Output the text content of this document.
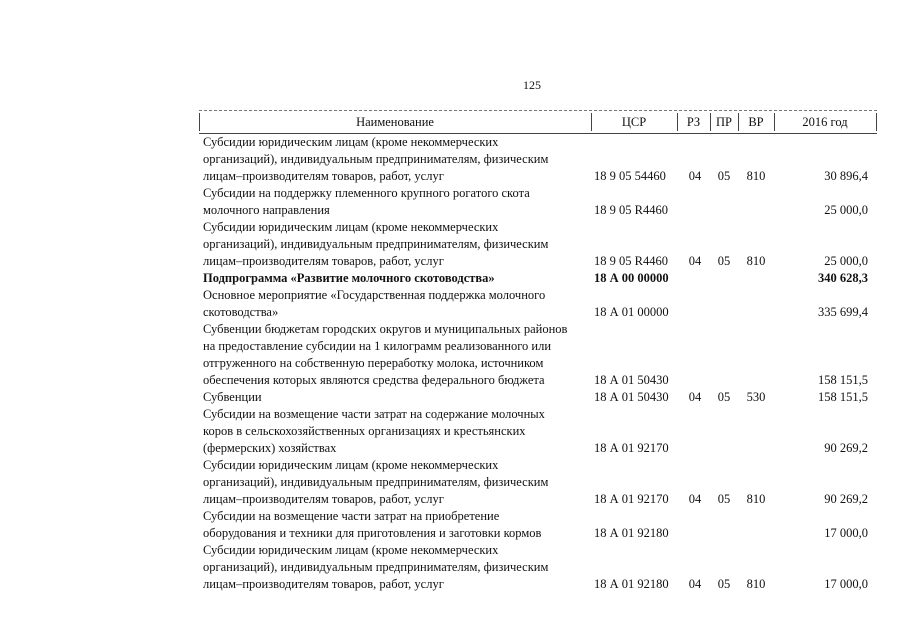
125
Наименование	ЦСР	РЗ	ПР	ВР	2016 год
Субсидии юридическим лицам (кроме некоммерческих
организаций), индивидуальным предпринимателям, физическим
лицам–производителям товаров, работ, услуг	18 9 05 54460	04	05	810	30 896,4
Субсидии на поддержку племенного крупного рогатого скота
молочного направления	18 9 05 R4460	25 000,0
Субсидии юридическим лицам (кроме некоммерческих
организаций), индивидуальным предпринимателям, физическим
лицам–производителям товаров, работ, услуг	18 9 05 R4460	04	05	810	25 000,0
Подпрограмма «Развитие молочного скотоводства»	18 А 00 00000	340 628,3
Основное мероприятие «Государственная поддержка молочного
скотоводства»	18 А 01 00000	335 699,4
Субвенции бюджетам городских округов и муниципальных районов
на предоставление субсидии на 1 килограмм реализованного или
отгруженного на собственную переработку молока, источником
обеспечения которых являются средства федерального бюджета	18 А 01 50430	158 151,5
Субвенции	18 А 01 50430	04	05	530	158 151,5
Субсидии на возмещение части затрат на содержание молочных
коров в сельскохозяйственных организациях и крестьянских
(фермерских) хозяйствах	18 А 01 92170	90 269,2
Субсидии юридическим лицам (кроме некоммерческих
организаций), индивидуальным предпринимателям, физическим
лицам–производителям товаров, работ, услуг	18 А 01 92170	04	05	810	90 269,2
Субсидии на возмещение части затрат на приобретение
оборудования и техники для приготовления и заготовки кормов	18 А 01 92180	17 000,0
Субсидии юридическим лицам (кроме некоммерческих
организаций), индивидуальным предпринимателям, физическим
лицам–производителям товаров, работ, услуг	18 А 01 92180	04	05	810	17 000,0
